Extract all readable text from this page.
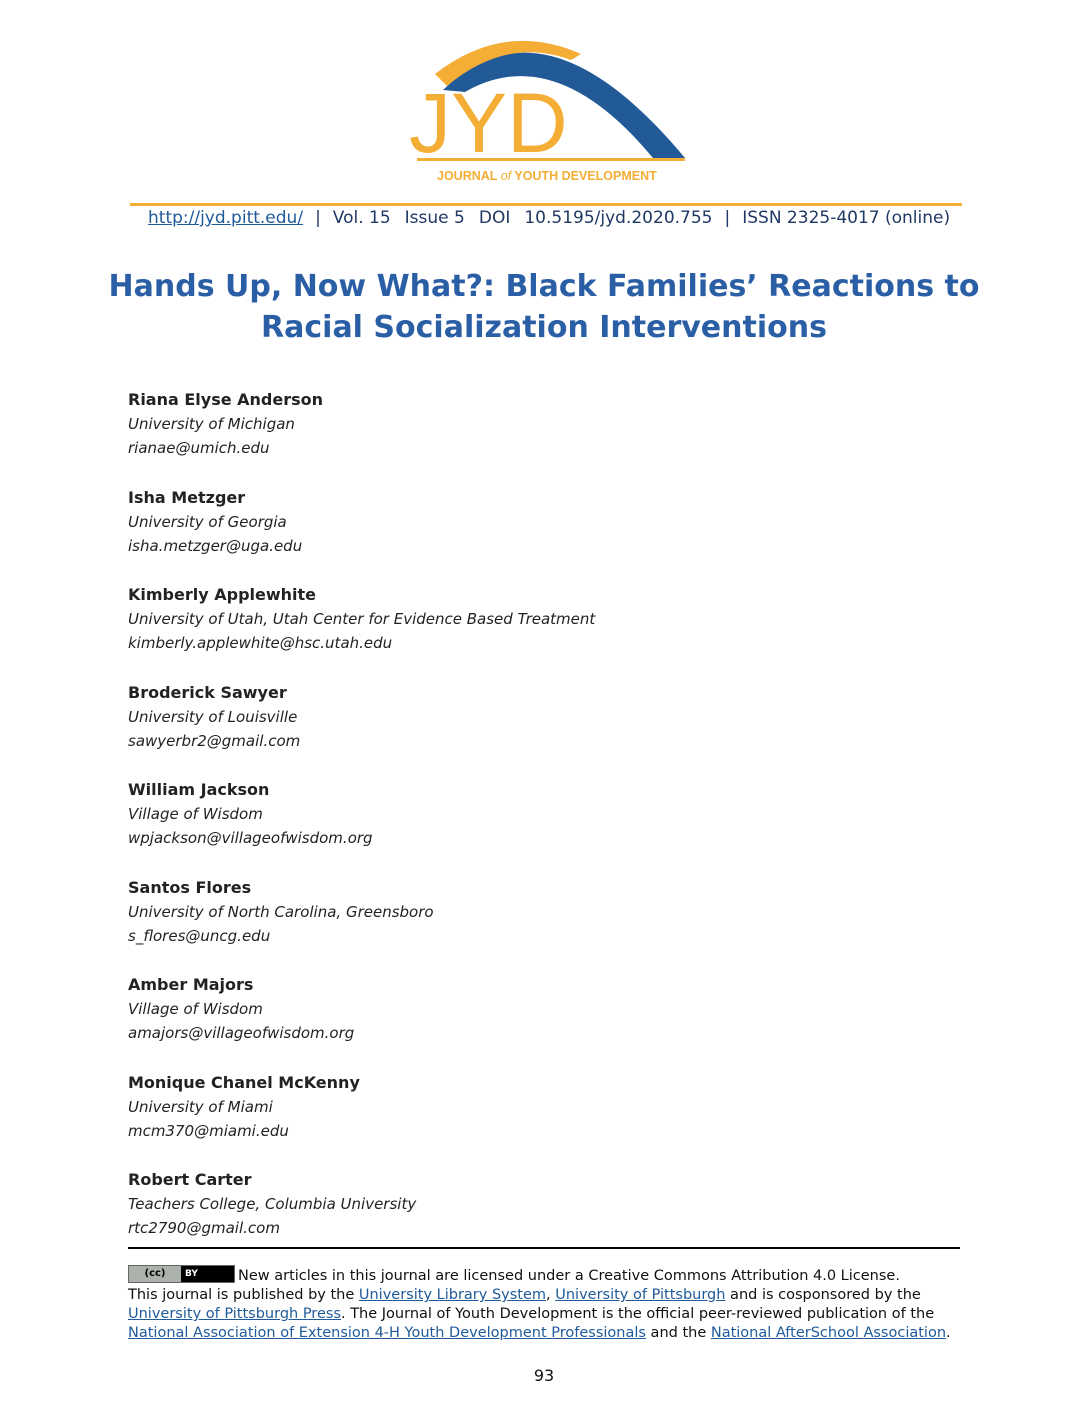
JYD
JOURNAL of YOUTH DEVELOPMENT
http://jyd.pitt.edu/ | Vol. 15 Issue 5 DOI 10.5195/jyd.2020.755 | ISSN 2325-4017 (online)
Hands Up, Now What?: Black Families’ Reactions to
Racial Socialization Interventions
Riana Elyse Anderson
University of Michigan
rianae@umich.edu
Isha Metzger
University of Georgia
isha.metzger@uga.edu
Kimberly Applewhite
University of Utah, Utah Center for Evidence Based Treatment
kimberly.applewhite@hsc.utah.edu
Broderick Sawyer
University of Louisville
sawyerbr2@gmail.com
William Jackson
Village of Wisdom
wpjackson@villageofwisdom.org
Santos Flores
University of North Carolina, Greensboro
s_flores@uncg.edu
Amber Majors
Village of Wisdom
amajors@villageofwisdom.org
Monique Chanel McKenny
University of Miami
mcm370@miami.edu
Robert Carter
Teachers College, Columbia University
rtc2790@gmail.com
(cc)	BY	New articles in this journal are licensed under a Creative Commons Attribution 4.0 License.
This journal is published by the University Library System, University of Pittsburgh and is cosponsored by the University of Pittsburgh Press. The Journal of Youth Development is the official peer-reviewed publication of the National Association of Extension 4-H Youth Development Professionals and the National AfterSchool Association.
93
